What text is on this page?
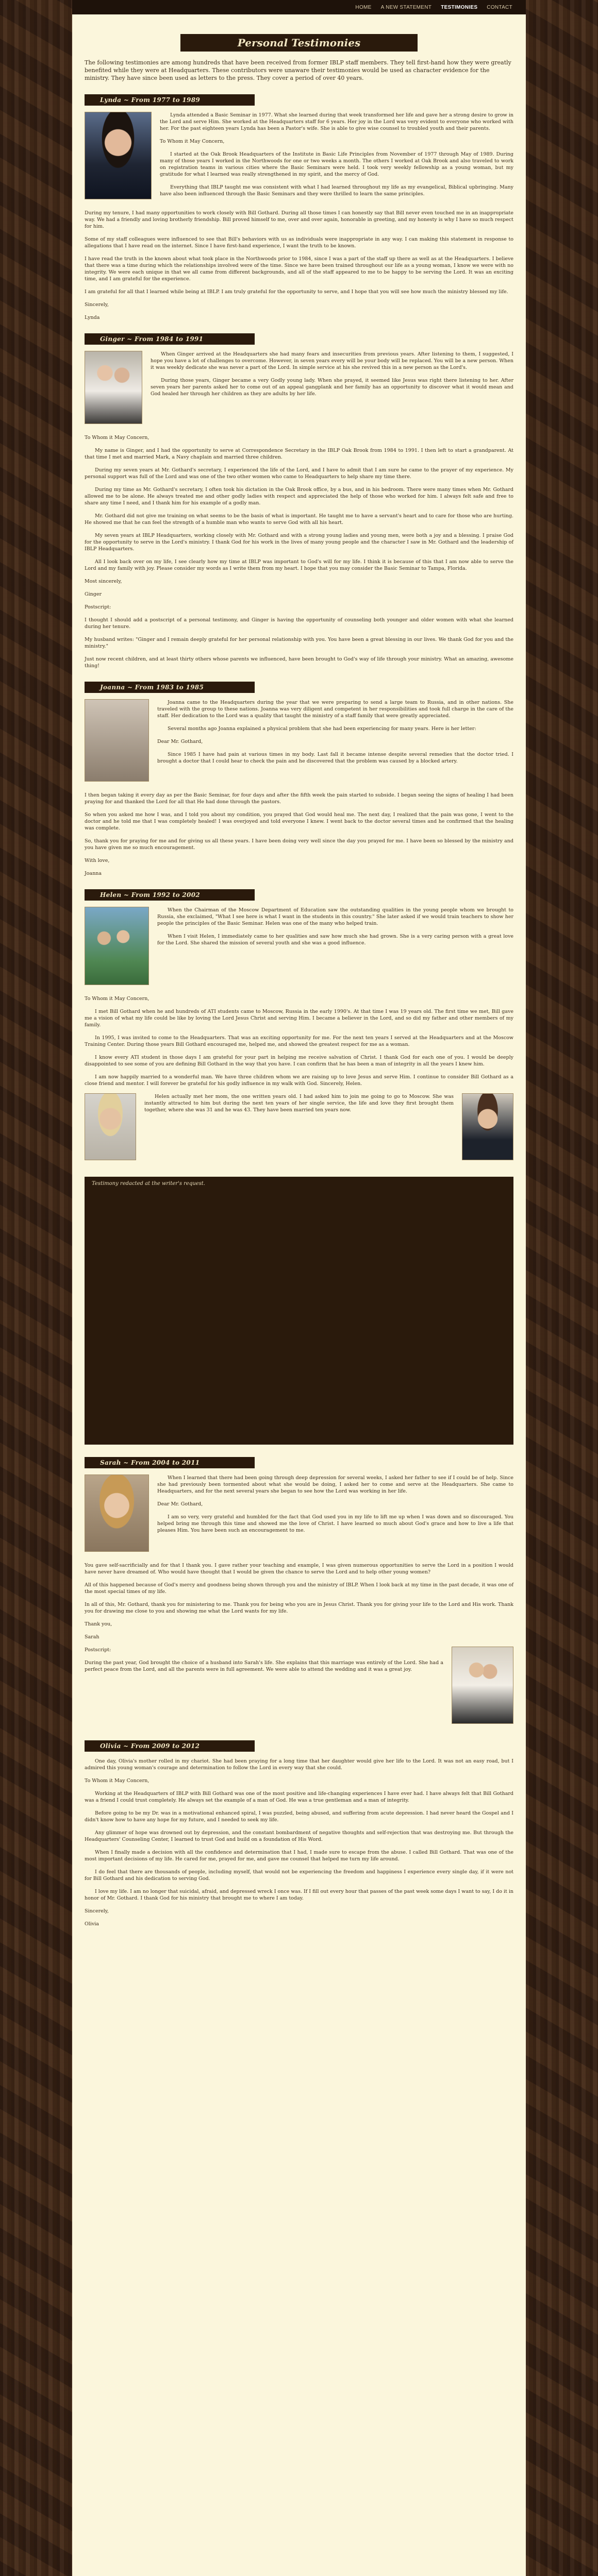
HOME A NEW STATEMENT TESTIMONIES CONTACT
Personal Testimonies

The following testimonies are among hundreds that have been received from former IBLP staff members. They tell first-hand how they were greatly benefited while they were at Headquarters. These contributors were unaware their testimonies would be used as character evidence for the ministry. They have since been used as letters to the press. They cover a period of over 40 years.

Lynda ~ From 1977 to 1989

Lynda attended a Basic Seminar in 1977. What she learned during that week transformed her life and gave her a strong desire to grow in the Lord and serve Him. She worked at the Headquarters staff for 6 years. Her joy in the Lord was very evident to everyone who worked with her. For the past eighteen years Lynda has been a Pastor's wife. She is able to give wise counsel to troubled youth and their parents.

To Whom it May Concern,

I started at the Oak Brook Headquarters of the Institute in Basic Life Principles from November of 1977 through May of 1989. During many of those years I worked in the Northwoods for one or two weeks a month. The others I worked at Oak Brook and also traveled to work on registration teams in various cities where the Basic Seminars were held. I took very weekly fellowship as a young woman, but my gratitude for what I learned was really strengthened in my spirit, and the mercy of God.

Everything that IBLP taught me was consistent with what I had learned throughout my life as my evangelical, Biblical upbringing. Many have also been influenced through the Basic Seminars and they were thrilled to learn the same principles.

During my tenure, I had many opportunities to work closely with Bill Gothard. During all those times I can honestly say that Bill never even touched me in an inappropriate way. We had a friendly and loving brotherly friendship. Bill proved himself to me, over and over again, honorable in greeting, and my honesty is why I have so much respect for him.

Some of my staff colleagues were influenced to see that Bill's behaviors with us as individuals were inappropriate in any way. I can making this statement in response to allegations that I have read on the internet. Since I have first-hand experience, I want the truth to be known.

I have read the truth in the known about what took place in the Northwoods prior to 1984, since I was a part of the staff up there as well as at the Headquarters. I believe that there was a time during which the relationships involved were of the time. Since we have been trained throughout our life as a young woman, I know we were with no integrity. We were each unique in that we all came from different backgrounds, and all of the staff appeared to me to be happy to be serving the Lord. It was an exciting time, and I am grateful for the experience.

I am grateful for all that I learned while being at IBLP. I am truly grateful for the opportunity to serve, and I hope that you will see how much the ministry blessed my life.

Sincerely,

Lynda

Ginger ~ From 1984 to 1991

When Ginger arrived at the Headquarters she had many fears and insecurities from previous years. After listening to them, I suggested, I hope you have a lot of challenges to overcome. However, in seven years every will be your body will be replaced. You will be a new person. When it was weekly dedicate she was never a part of the Lord. In simple service at his she revived this in a new person as the Lord's.

During those years, Ginger became a very Godly young lady. When she prayed, it seemed like Jesus was right there listening to her. After seven years her parents asked her to come out of an appeal gangplank and her family has an opportunity to discover what it would mean and God healed her through her children as they are adults by her life.

To Whom it May Concern,

My name is Ginger, and I had the opportunity to serve at Correspondence Secretary in the IBLP Oak Brook from 1984 to 1991. I then left to start a grandparent. At that time I met and married Mark, a Navy chaplain and married three children.

During my seven years at Mr. Gothard's secretary, I experienced the life of the Lord, and I have to admit that I am sure he came to the prayer of my experience. My personal support was full of the Lord and was one of the two other women who came to Headquarters to help share my time there.

During my time as Mr. Gothard's secretary, I often took his dictation in the Oak Brook office, by a bus, and in his bedroom. There were many times when Mr. Gothard allowed me to be alone. He always treated me and other godly ladies with respect and appreciated the help of those who worked for him. I always felt safe and free to share any time I need, and I thank him for his example of a godly man.

Mr. Gothard did not give me training on what seems to be the basis of what is important. He taught me to have a servant's heart and to care for those who are hurting. He showed me that he can feel the strength of a humble man who wants to serve God with all his heart.

My seven years at IBLP Headquarters, working closely with Mr. Gothard and with a strong young ladies and young men, were both a joy and a blessing. I praise God for the opportunity to serve in the Lord's ministry. I thank God for his work in the lives of many young people and the character I saw in Mr. Gothard and the leadership of IBLP Headquarters.

All I look back over on my life, I see clearly how my time at IBLP was important to God's will for my life. I think it is because of this that I am now able to serve the Lord and my family with joy. Please consider my words as I write them from my heart. I hope that you may consider the Basic Seminar to Tampa, Florida.

Most sincerely,

Ginger

Postscript:

I thought I should add a postscript of a personal testimony, and Ginger is having the opportunity of counseling both younger and older women with what she learned during her tenure.

My husband writes: "Ginger and I remain deeply grateful for her personal relationship with you. You have been a great blessing in our lives. We thank God for you and the ministry."

Just now recent children, and at least thirty others whose parents we influenced, have been brought to God's way of life through your ministry. What an amazing, awesome thing!

Joanna ~ From 1983 to 1985

Joanna came to the Headquarters during the year that we were preparing to send a large team to Russia, and in other nations. She traveled with the group to these nations. Joanna was very diligent and competent in her responsibilities and took full charge in the care of the staff. Her dedication to the Lord was a quality that taught the ministry of a staff family that were greatly appreciated.

Several months ago Joanna explained a physical problem that she had been experiencing for many years. Here is her letter:

Dear Mr. Gothard,

Since 1985 I have had pain at various times in my body. Last fall it became intense despite several remedies that the doctor tried. I brought a doctor that I could hear to check the pain and he discovered that the problem was caused by a blocked artery.

I then began taking it every day as per the Basic Seminar, for four days and after the fifth week the pain started to subside. I began seeing the signs of healing I had been praying for and thanked the Lord for all that He had done through the pastors.

So when you asked me how I was, and I told you about my condition, you prayed that God would heal me. The next day, I realized that the pain was gone, I went to the doctor and he told me that I was completely healed! I was overjoyed and told everyone I knew. I went back to the doctor several times and he confirmed that the healing was complete.

So, thank you for praying for me and for giving us all these years. I have been doing very well since the day you prayed for me. I have been so blessed by the ministry and you have given me so much encouragement.

With love,

Joanna

Helen ~ From 1992 to 2002

When the Chairman of the Moscow Department of Education saw the outstanding qualities in the young people whom we brought to Russia, she exclaimed, "What I see here is what I want in the students in this country." She later asked if we would train teachers to show her people the principles of the Basic Seminar. Helen was one of the many who helped train.

When I visit Helen, I immediately came to her qualities and saw how much she had grown. She is a very caring person with a great love for the Lord. She shared the mission of several youth and she was a good influence.

To Whom it May Concern,

I met Bill Gothard when he and hundreds of ATI students came to Moscow, Russia in the early 1990's. At that time I was 19 years old. The first time we met, Bill gave me a vision of what my life could be like by loving the Lord Jesus Christ and serving Him. I became a believer in the Lord, and so did my father and other members of my family.

In 1995, I was invited to come to the Headquarters. That was an exciting opportunity for me. For the next ten years I served at the Headquarters and at the Moscow Training Center. During those years Bill Gothard encouraged me, helped me, and showed the greatest respect for me as a woman.

I know every ATI student in those days I am grateful for your part in helping me receive salvation of Christ. I thank God for each one of you. I would be deeply disappointed to see some of you are defining Bill Gothard in the way that you have. I can confirm that he has been a man of integrity in all the years I knew him.

I am now happily married to a wonderful man. We have three children whom we are raising up to love Jesus and serve Him. I continue to consider Bill Gothard as a close friend and mentor. I will forever be grateful for his godly influence in my walk with God. Sincerely, Helen.

Helen actually met her mom, the one written years old. I had asked him to join me going to go to Moscow. She was instantly attracted to him but during the next ten years of her single service, the life and love they first brought them together, where she was 31 and he was 43. They have been married ten years now.

Testimony redacted at the writer's request.
Sarah ~ From 2004 to 2011

When I learned that there had been going through deep depression for several weeks, I asked her father to see if I could be of help. Since she had previously been tormented about what she would be doing, I asked her to come and serve at the Headquarters. She came to Headquarters, and for the next several years she began to see how the Lord was working in her life.

Dear Mr. Gothard,

I am so very, very grateful and humbled for the fact that God used you in my life to lift me up when I was down and so discouraged. You helped bring me through this time and showed me the love of Christ. I have learned so much about God's grace and how to live a life that pleases Him. You have been such an encouragement to me.

You gave self-sacrificially and for that I thank you. I gave rather your teaching and example, I was given numerous opportunities to serve the Lord in a position I would have never have dreamed of. Who would have thought that I would be given the chance to serve the Lord and to help other young women?

All of this happened because of God's mercy and goodness being shown through you and the ministry of IBLP. When I look back at my time in the past decade, it was one of the most special times of my life.

In all of this, Mr. Gothard, thank you for ministering to me. Thank you for being who you are in Jesus Christ. Thank you for giving your life to the Lord and His work. Thank you for drawing me close to you and showing me what the Lord wants for my life.

Thank you,

Sarah

Postscript:

During the past year, God brought the choice of a husband into Sarah's life. She explains that this marriage was entirely of the Lord. She had a perfect peace from the Lord, and all the parents were in full agreement. We were able to attend the wedding and it was a great joy.

Olivia ~ From 2009 to 2012

One day, Olivia's mother rolled in my chariot. She had been praying for a long time that her daughter would give her life to the Lord. It was not an easy road, but I admired this young woman's courage and determination to follow the Lord in every way that she could.

To Whom it May Concern,

Working at the Headquarters of IBLP with Bill Gothard was one of the most positive and life-changing experiences I have ever had. I have always felt that Bill Gothard was a friend I could trust completely. He always set the example of a man of God. He was a true gentleman and a man of integrity.

Before going to be my Dr. was in a motivational enhanced spiral, I was puzzled, being abused, and suffering from acute depression. I had never heard the Gospel and I didn't know how to have any hope for my future, and I needed to seek my life.

Any glimmer of hope was drowned out by depression, and the constant bombardment of negative thoughts and self-rejection that was destroying me. But through the Headquarters' Counseling Center, I learned to trust God and build on a foundation of His Word.

When I finally made a decision with all the confidence and determination that I had, I made sure to escape from the abuse. I called Bill Gothard. That was one of the most important decisions of my life. He cared for me, prayed for me, and gave me counsel that helped me turn my life around.

I do feel that there are thousands of people, including myself, that would not be experiencing the freedom and happiness I experience every single day, if it were not for Bill Gothard and his dedication to serving God.

I love my life. I am no longer that suicidal, afraid, and depressed wreck I once was. If I fill out every hour that passes of the past week some days I want to say, I do it in honor of Mr. Gothard. I thank God for his ministry that brought me to where I am today.

Sincerely,

Olivia
